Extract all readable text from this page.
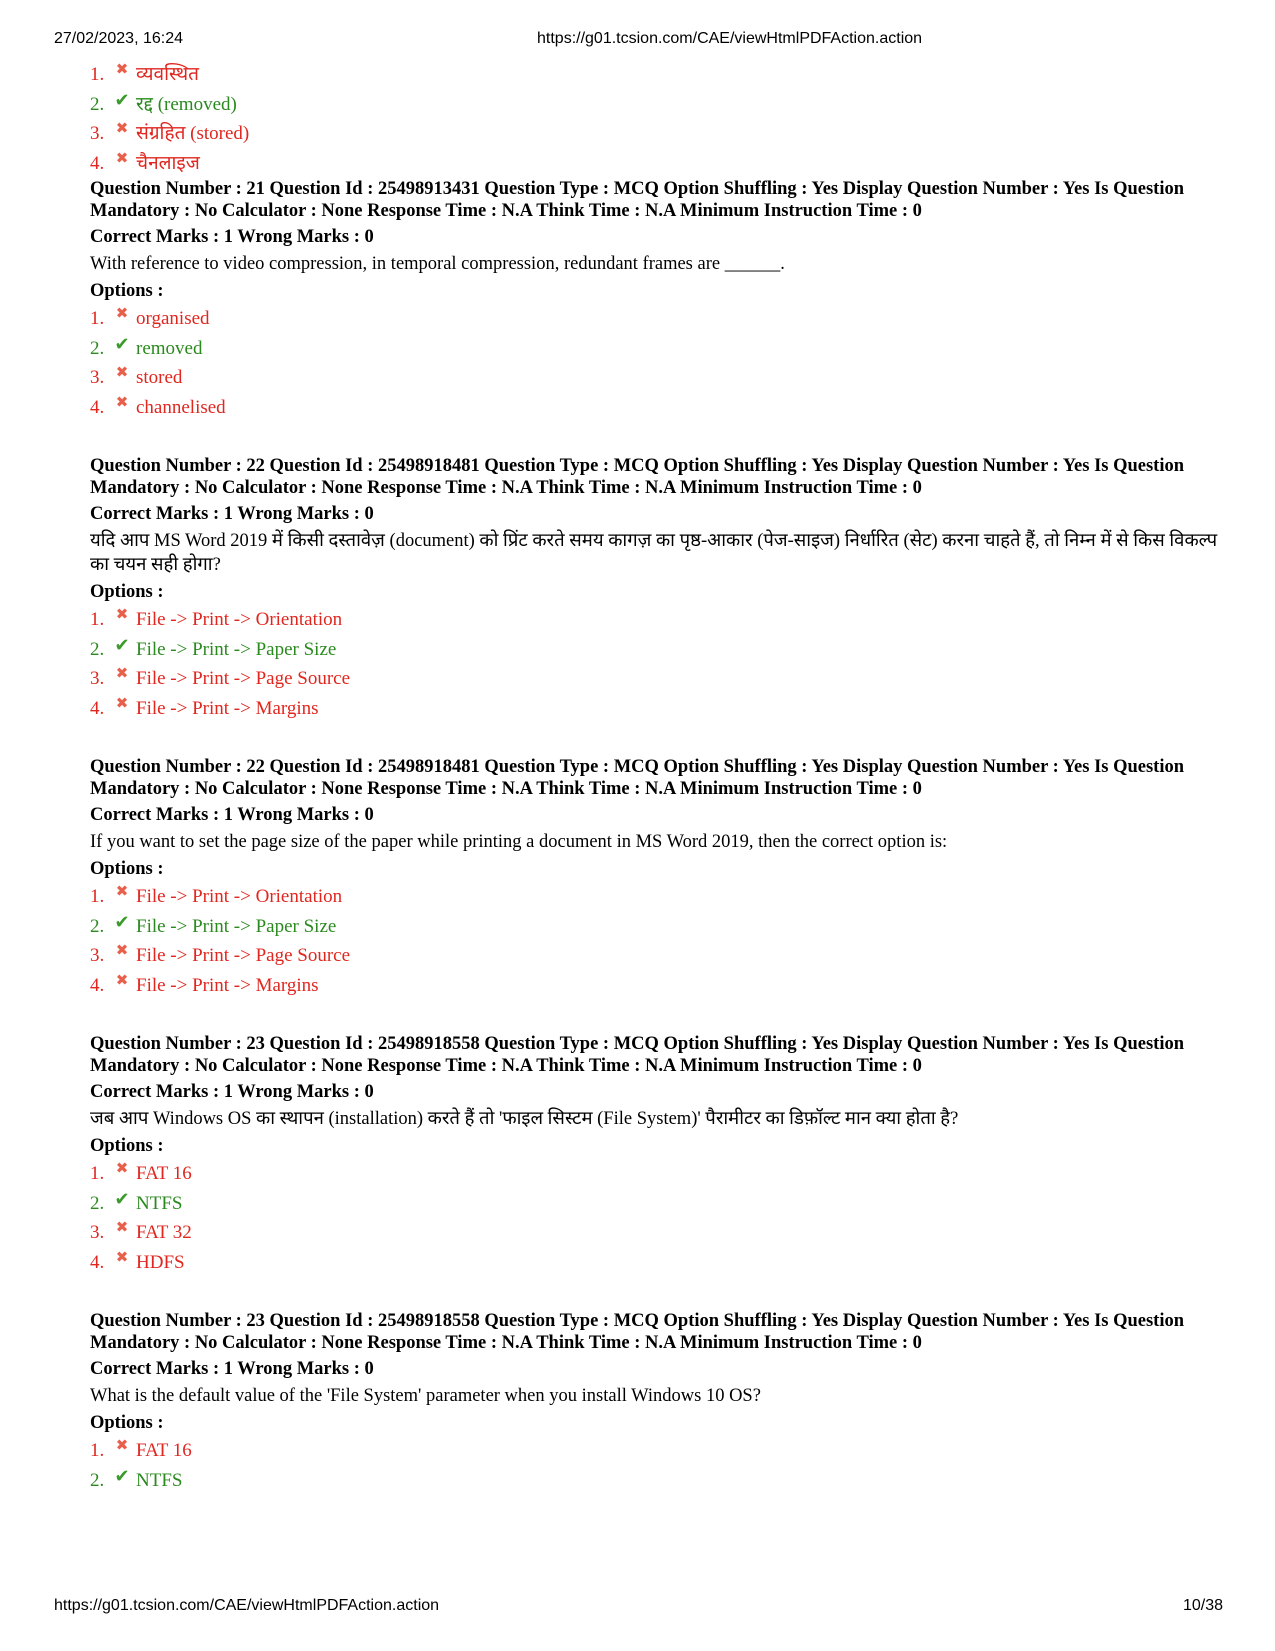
27/02/2023, 16:24	https://g01.tcsion.com/CAE/viewHtmlPDFAction.action
1. ✖ व्यवस्थित
2. ✔ रद्द (removed)
3. ✖ संग्रहित (stored)
4. ✖ चैनलाइज
Question Number : 21 Question Id : 25498913431 Question Type : MCQ Option Shuffling : Yes Display Question Number : Yes Is Question Mandatory : No Calculator : None Response Time : N.A Think Time : N.A Minimum Instruction Time : 0
Correct Marks : 1 Wrong Marks : 0
With reference to video compression, in temporal compression, redundant frames are ______.
Options :
1. ✖ organised
2. ✔ removed
3. ✖ stored
4. ✖ channelised
Question Number : 22 Question Id : 25498918481 Question Type : MCQ Option Shuffling : Yes Display Question Number : Yes Is Question Mandatory : No Calculator : None Response Time : N.A Think Time : N.A Minimum Instruction Time : 0
Correct Marks : 1 Wrong Marks : 0
यदि आप MS Word 2019 में किसी दस्तावेज़ (document) को प्रिंट करते समय कागज़ का पृष्ठ-आकार (पेज-साइज) निर्धारित (सेट) करना चाहते हैं, तो निम्न में से किस विकल्प का चयन सही होगा?
Options :
1. ✖ File -> Print -> Orientation
2. ✔ File -> Print -> Paper Size
3. ✖ File -> Print -> Page Source
4. ✖ File -> Print -> Margins
Question Number : 22 Question Id : 25498918481 Question Type : MCQ Option Shuffling : Yes Display Question Number : Yes Is Question Mandatory : No Calculator : None Response Time : N.A Think Time : N.A Minimum Instruction Time : 0
Correct Marks : 1 Wrong Marks : 0
If you want to set the page size of the paper while printing a document in MS Word 2019, then the correct option is:
Options :
1. ✖ File -> Print -> Orientation
2. ✔ File -> Print -> Paper Size
3. ✖ File -> Print -> Page Source
4. ✖ File -> Print -> Margins
Question Number : 23 Question Id : 25498918558 Question Type : MCQ Option Shuffling : Yes Display Question Number : Yes Is Question Mandatory : No Calculator : None Response Time : N.A Think Time : N.A Minimum Instruction Time : 0
Correct Marks : 1 Wrong Marks : 0
जब आप Windows OS का स्थापन (installation) करते हैं तो 'फाइल सिस्टम (File System)' पैरामीटर का डिफ़ॉल्ट मान क्या होता है?
Options :
1. ✖ FAT 16
2. ✔ NTFS
3. ✖ FAT 32
4. ✖ HDFS
Question Number : 23 Question Id : 25498918558 Question Type : MCQ Option Shuffling : Yes Display Question Number : Yes Is Question Mandatory : No Calculator : None Response Time : N.A Think Time : N.A Minimum Instruction Time : 0
Correct Marks : 1 Wrong Marks : 0
What is the default value of the 'File System' parameter when you install Windows 10 OS?
Options :
1. ✖ FAT 16
2. ✔ NTFS
https://g01.tcsion.com/CAE/viewHtmlPDFAction.action	10/38
